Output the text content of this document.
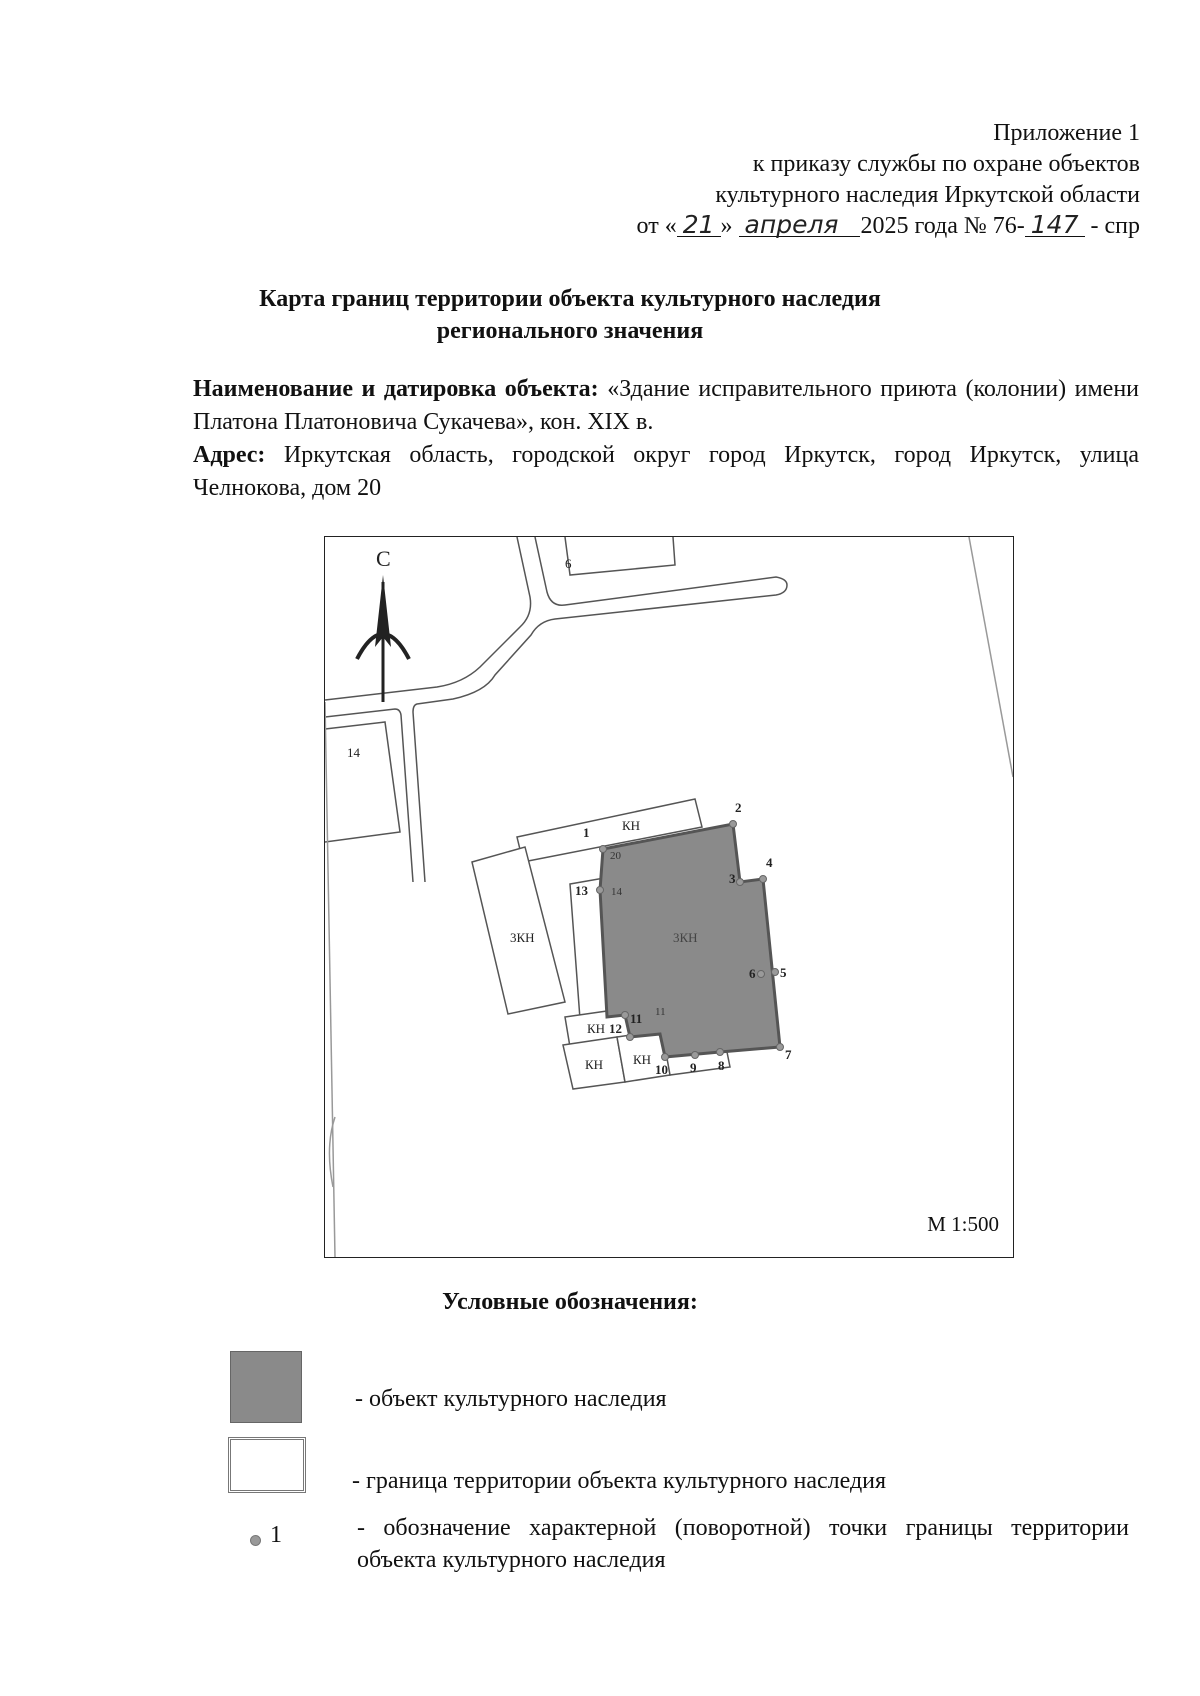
Приложение 1
к приказу службы по охране объектов
культурного наследия Иркутской области
от « 21 » апреля 2025 года № 76- 147 - спр
Карта границ территории объекта культурного наследия
регионального значения
Наименование и датировка объекта: «Здание исправительного приюта (колонии) имени Платона Платоновича Сукачева», кон. XIX в.
Адрес: Иркутская область, городской округ город Иркутск, город Иркутск, улица Челнокова, дом 20
1
2
3
4
5
6
7
8
9
10
11
12
13
6
14
КН
3КН	3КН
КН
КН КН
20
14
11
С
М 1:500
Условные обозначения:
- объект культурного наследия
- граница территории объекта культурного наследия
1	- обозначение характерной (поворотной) точки границы территории объекта культурного наследия
